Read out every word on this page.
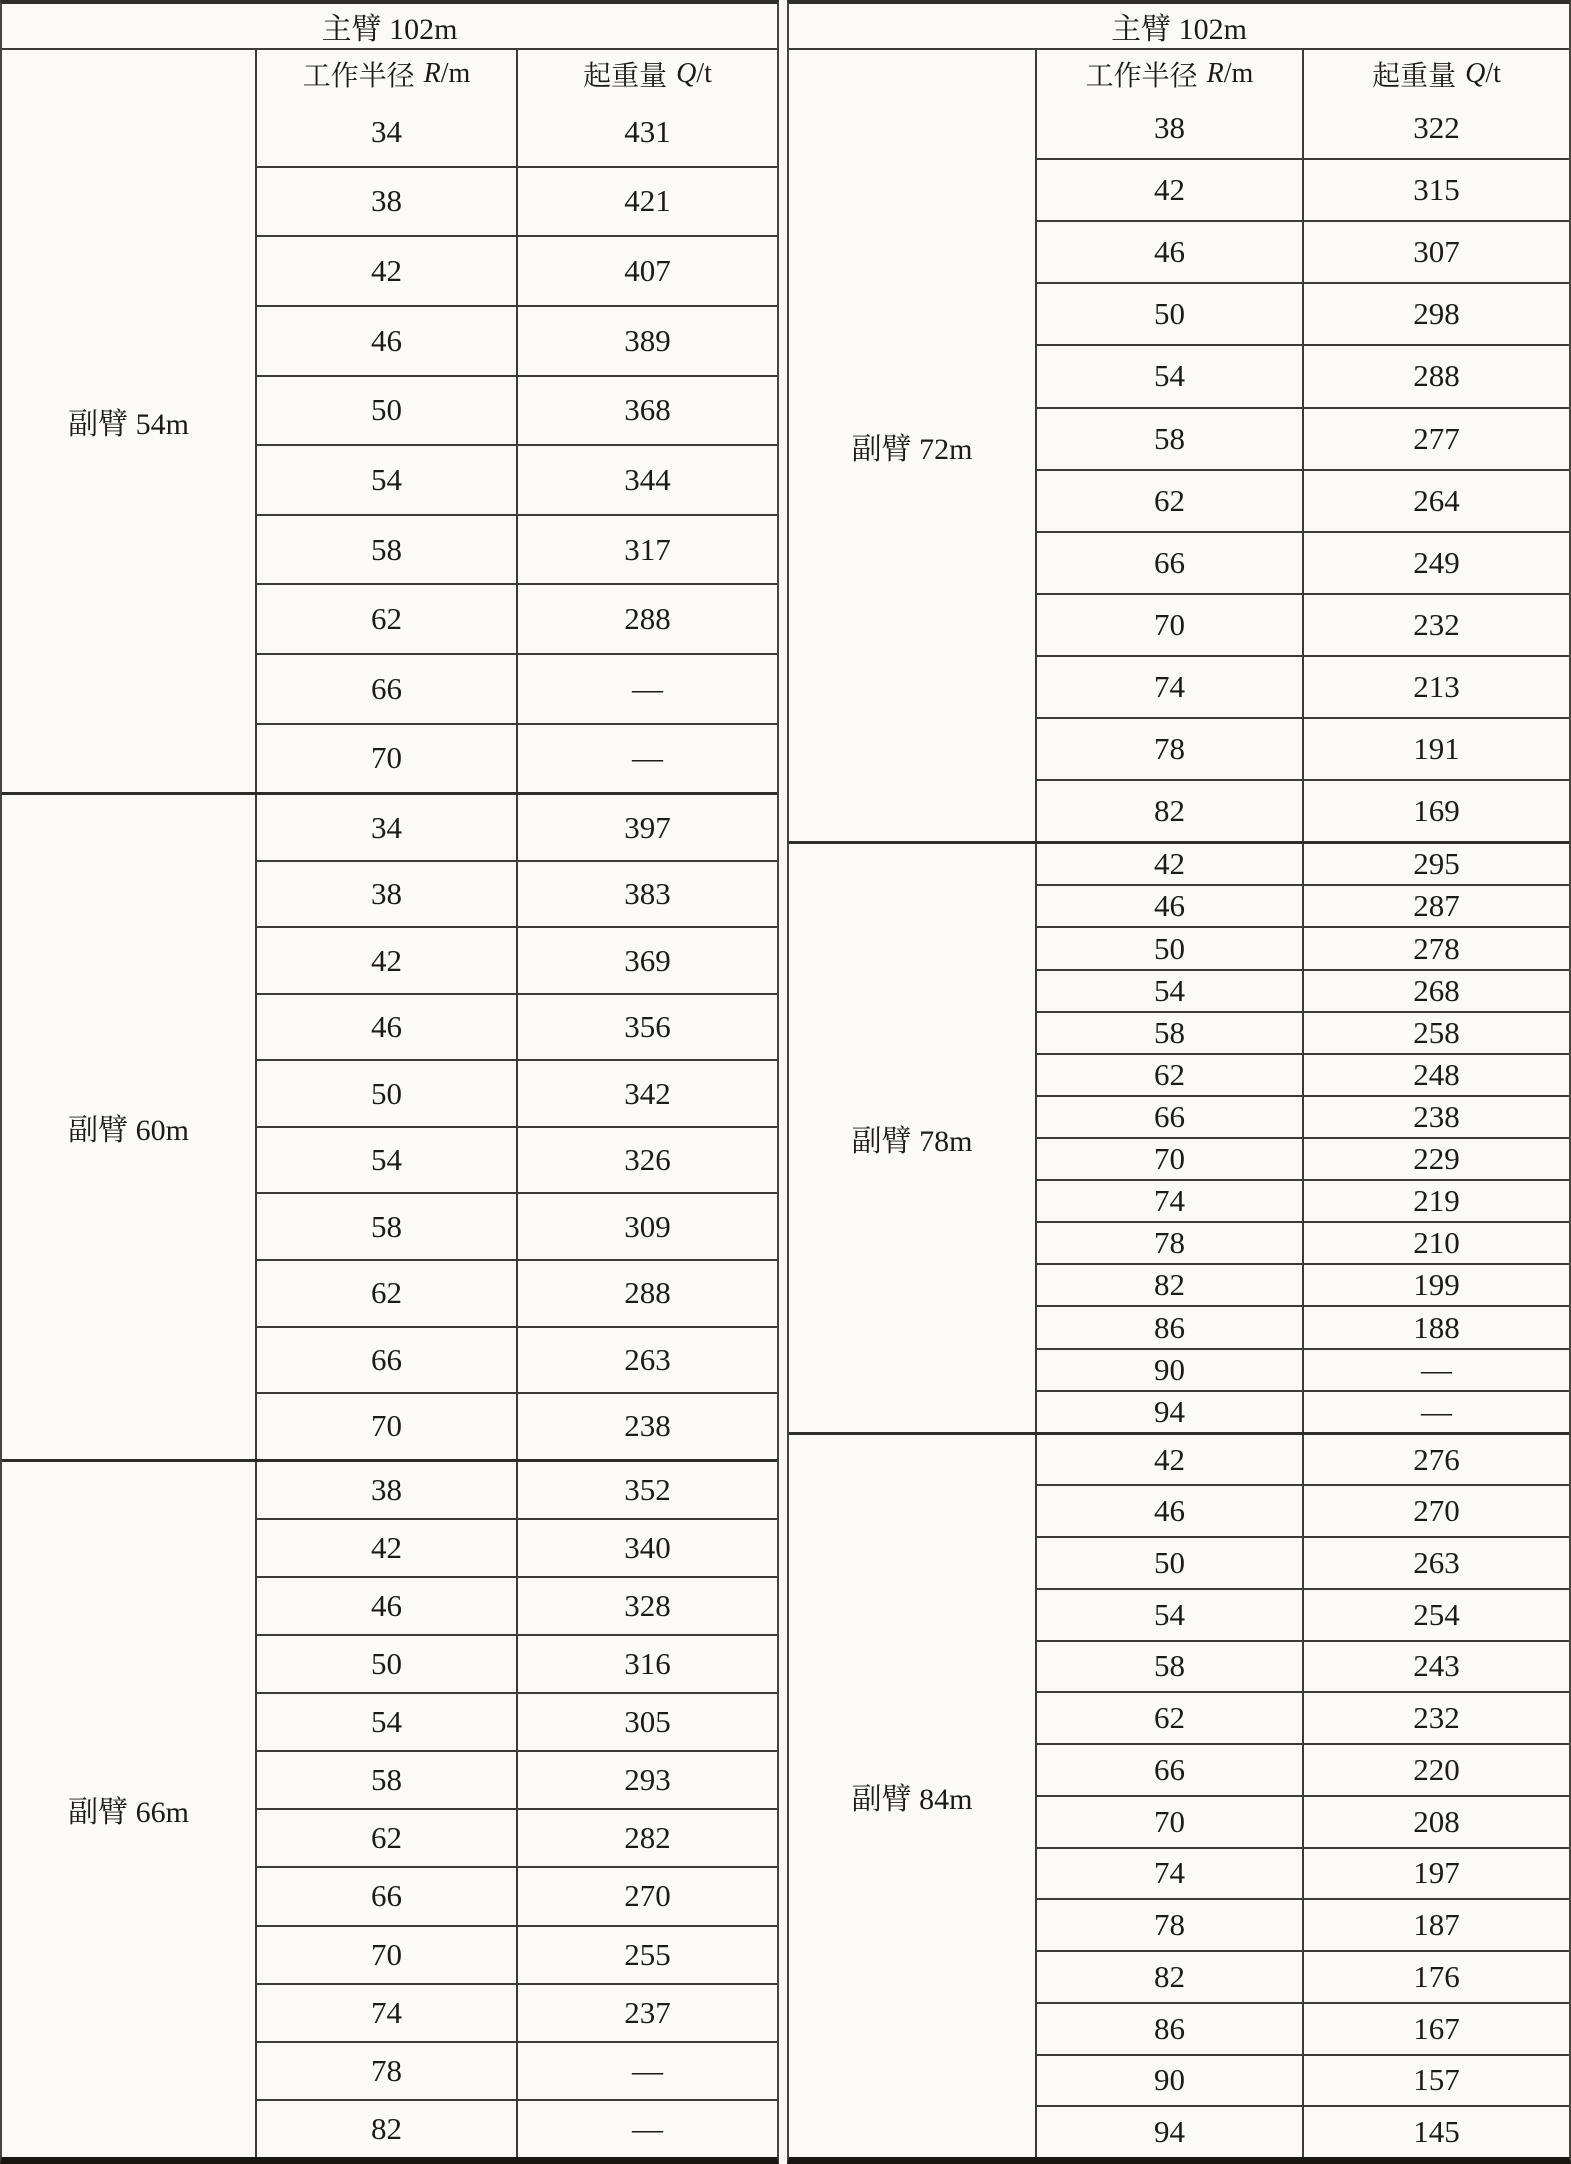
主臂 102m
副臂 54m
工作半径 R /m	起重量 Q /t
34	431
38	421
42	407
46	389
50	368
54	344
58	317
62	288
66	—
70	—
副臂 60m
34	397
38	383
42	369
46	356
50	342
54	326
58	309
62	288
66	263
70	238
副臂 66m
38	352
42	340
46	328
50	316
54	305
58	293
62	282
66	270
70	255
74	237
78	—
82	—
主臂 102m
副臂 72m
工作半径 R /m	起重量 Q /t
38	322
42	315
46	307
50	298
54	288
58	277
62	264
66	249
70	232
74	213
78	191
82	169
副臂 78m
42	295
46	287
50	278
54	268
58	258
62	248
66	238
70	229
74	219
78	210
82	199
86	188
90	—
94	—
副臂 84m
42	276
46	270
50	263
54	254
58	243
62	232
66	220
70	208
74	197
78	187
82	176
86	167
90	157
94	145
